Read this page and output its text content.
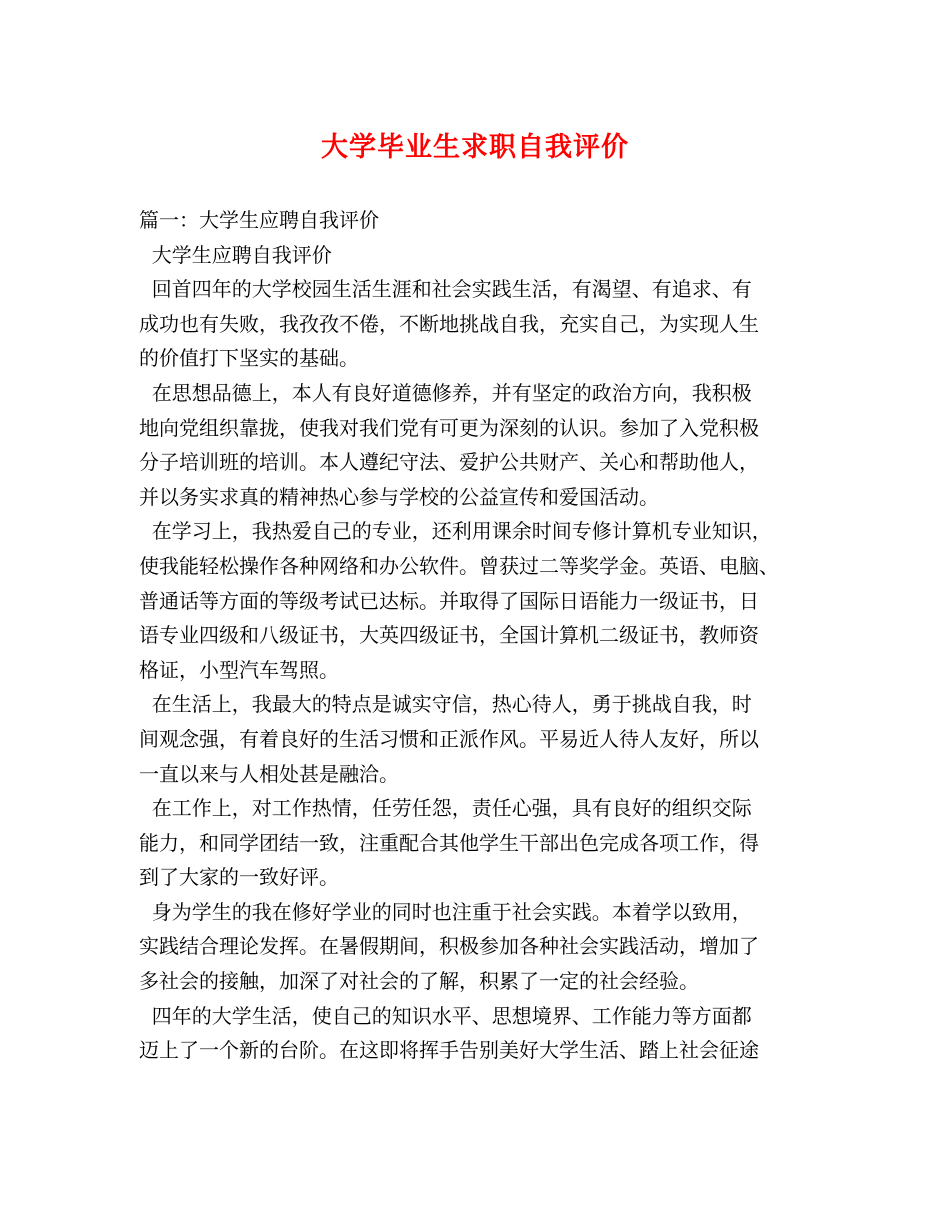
大学毕业生求职自我评价

篇一：大学生应聘自我评价

大学生应聘自我评价

回首四年的大学校园生活生涯和社会实践生活，有渴望、有追求、有

成功也有失败，我孜孜不倦，不断地挑战自我，充实自己，为实现人生

的价值打下坚实的基础。

在思想品德上，本人有良好道德修养，并有坚定的政治方向，我积极

地向党组织靠拢，使我对我们党有可更为深刻的认识。参加了入党积极

分子培训班的培训。本人遵纪守法、爱护公共财产、关心和帮助他人，

并以务实求真的精神热心参与学校的公益宣传和爱国活动。

在学习上，我热爱自己的专业，还利用课余时间专修计算机专业知识，

使我能轻松操作各种网络和办公软件。曾获过二等奖学金。英语、电脑、

普通话等方面的等级考试已达标。并取得了国际日语能力一级证书，日

语专业四级和八级证书，大英四级证书，全国计算机二级证书，教师资

格证，小型汽车驾照。

在生活上，我最大的特点是诚实守信，热心待人，勇于挑战自我，时

间观念强，有着良好的生活习惯和正派作风。平易近人待人友好，所以

一直以来与人相处甚是融洽。

在工作上，对工作热情，任劳任怨，责任心强，具有良好的组织交际

能力，和同学团结一致，注重配合其他学生干部出色完成各项工作，得

到了大家的一致好评。

身为学生的我在修好学业的同时也注重于社会实践。本着学以致用，

实践结合理论发挥。在暑假期间，积极参加各种社会实践活动，增加了

多社会的接触，加深了对社会的了解，积累了一定的社会经验。

四年的大学生活，使自己的知识水平、思想境界、工作能力等方面都

迈上了一个新的台阶。在这即将挥手告别美好大学生活、踏上社会征途
